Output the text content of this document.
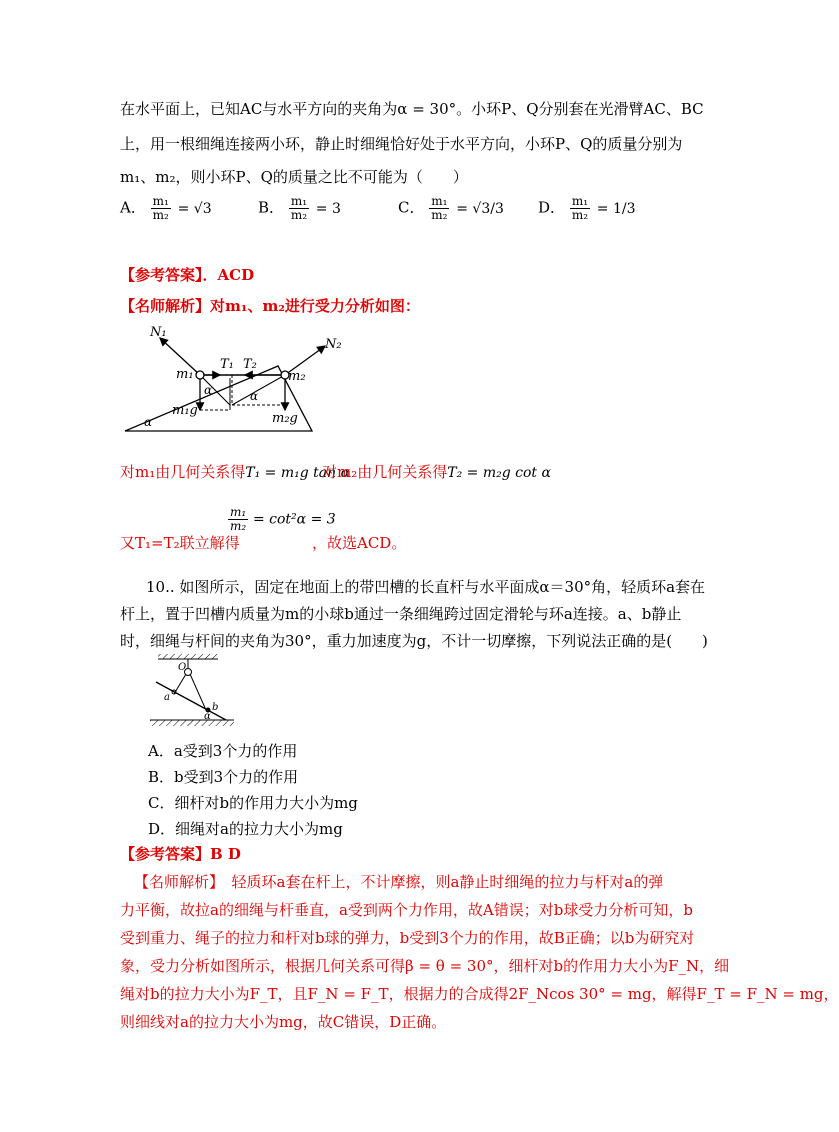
在水平面上，已知AC与水平方向的夹角为α = 30°。小环P、Q分别套在光滑臂AC、BC
上，用一根细绳连接两小环，静止时细绳恰好处于水平方向，小环P、Q的质量分别为
m₁、m₂，则小环P、Q的质量之比不可能为（　　）
A． $\frac{\text{m₁}}{\text{m₂}} = √3$	B． $\frac{\text{m₁}}{\text{m₂}} = 3$	C． $\frac{\text{m₁}}{\text{m₂}} = √3/3$ D． $\frac{\text{m₁}}{\text{m₂}} = 1/3$
【参考答案】．ACD
【名师解析】对m₁、m₂进行受力分析如图：
N₁
N₂
T₁ T₂
m₁	m₂
α	α
α
m₁g
m₂g
对m₁由几何关系得T₁ = m₁g tan α
对m₂由几何关系得T₂ = m₂g cot α
$\frac{\text{m₁}}{\text{m₂}} = \cot^2\alpha = 3$
又T₁=T₂联立解得	，故选ACD。
10.. 如图所示，固定在地面上的带凹槽的长直杆与水平面成α＝30°角，轻质环a套在
杆上，置于凹槽内质量为m的小球b通过一条细绳跨过固定滑轮与环a连接。a、b静止
时，细绳与杆间的夹角为30°，重力加速度为g，不计一切摩擦，下列说法正确的是(　　)
O
a
b
α
A．a受到3个力的作用
B．b受到3个力的作用
C．细杆对b的作用力大小为mg
D．细绳对a的拉力大小为mg
【参考答案】B D
【名师解析】　轻质环a套在杆上，不计摩擦，则a静止时细绳的拉力与杆对a的弹
力平衡，故拉a的细绳与杆垂直，a受到两个力作用，故A错误；对b球受力分析可知，b
受到重力、绳子的拉力和杆对b球的弹力，b受到3个力的作用，故B正确；以b为研究对
象，受力分析如图所示，根据几何关系可得β = θ = 30°，细杆对b的作用力大小为F_N，细
绳对b的拉力大小为F_T，且F_N = F_T，根据力的合成得2F_Ncos 30° = mg，解得F_T = F_N = mg，
则细线对a的拉力大小为mg，故C错误，D正确。
